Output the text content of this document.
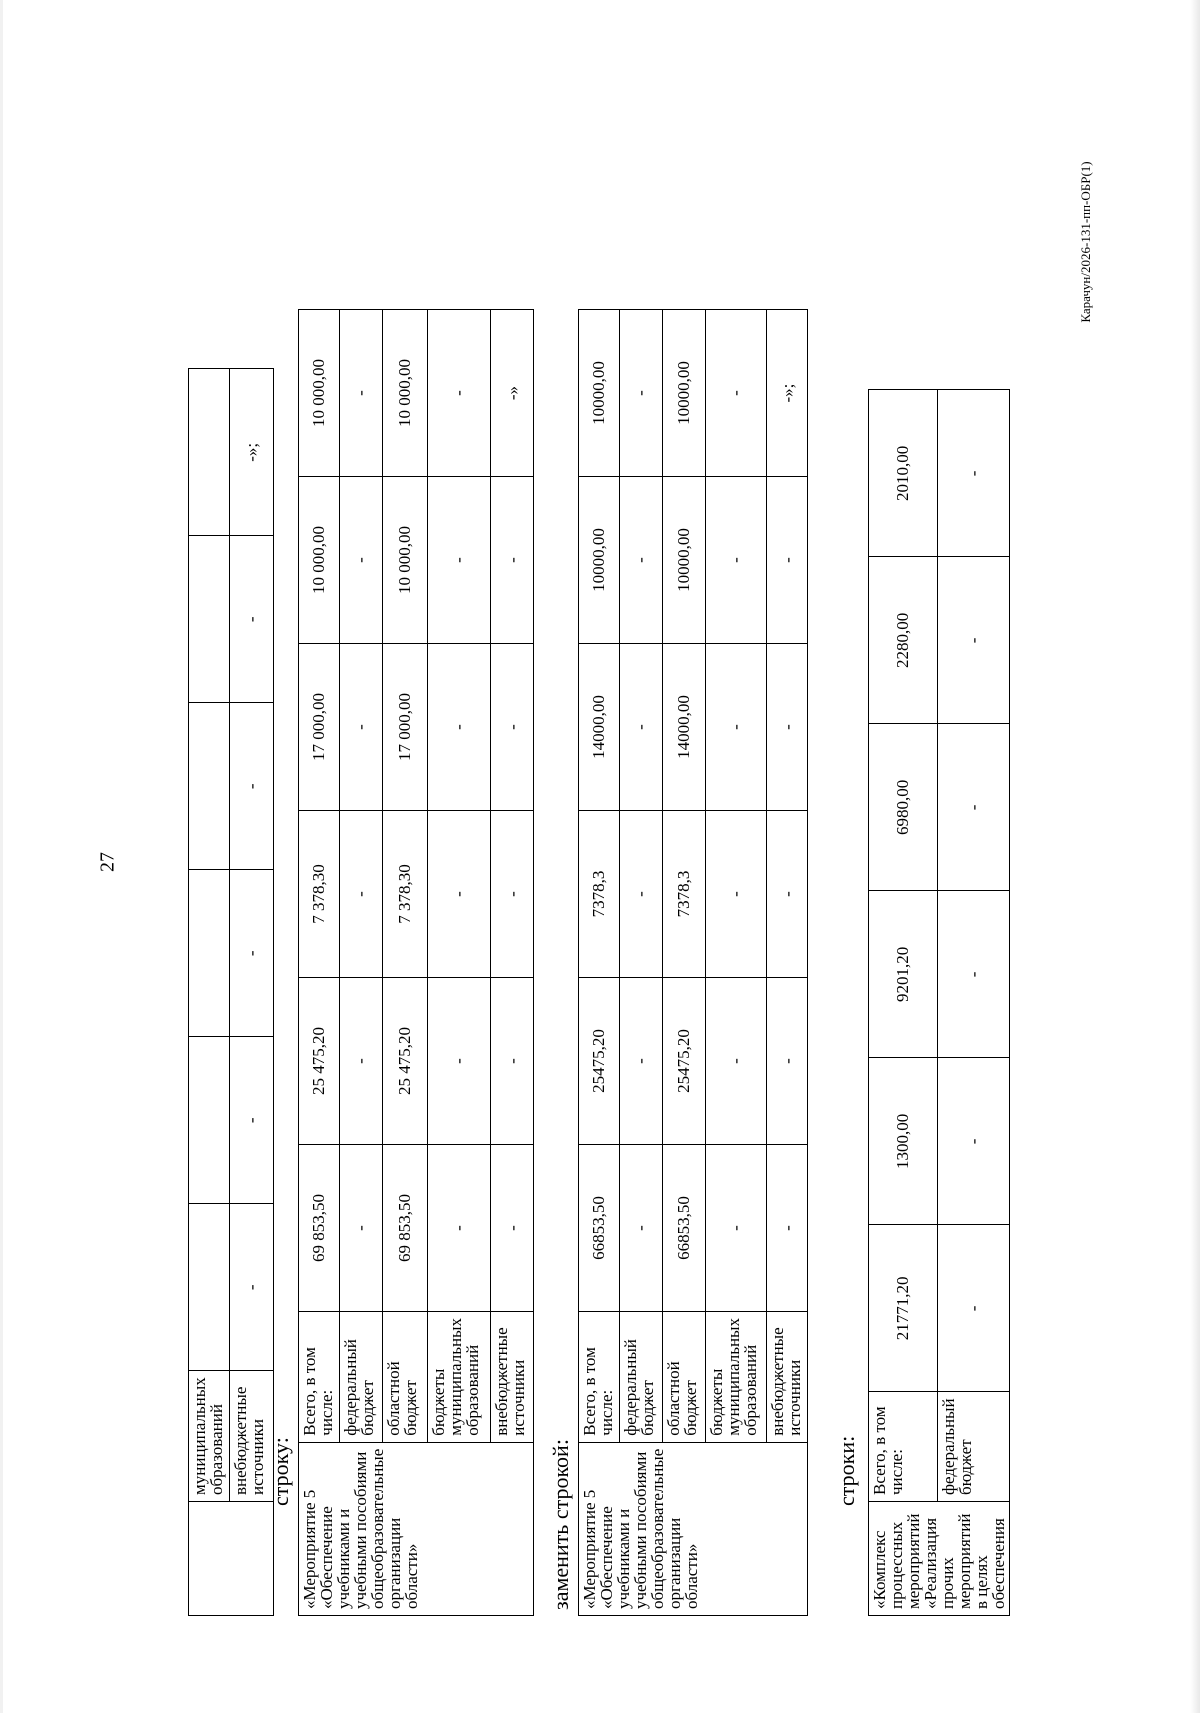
27
Карачун/2026-131-пп-ОБР(1)
	муниципальных образований						
	внебюджетные источники	-	-	-	-	-	-»;
строку:
«Мероприятие 5 «Обеспечение учебниками и учебными пособиями общеобразовательные организации области»	Всего, в том числе:	69 853,50	25 475,20	7 378,30	17 000,00	10 000,00	10 000,00
	федеральный бюджет	-	-	-	-	-	-
	областной бюджет	69 853,50	25 475,20	7 378,30	17 000,00	10 000,00	10 000,00
	бюджеты муниципальных образований	-	-	-	-	-	-
	внебюджетные источники	-	-	-	-	-	-»
заменить строкой: «Мероприятие 5 «Обеспечение учебниками и учебными пособиями общеобразовательные организации области»	Всего, в том числе:	66853,50	25475,20	7378,3	14000,00	10000,00	10000,00
	федеральный бюджет	-	-	-	-	-	-
	областной бюджет	66853,50	25475,20	7378,3	14000,00	10000,00	10000,00
	бюджеты муниципальных образований	-	-	-	-	-	-
	внебюджетные источники	-	-	-	-	-	-»;
строки:
«Комплекс процессных мероприятий «Реализация прочих мероприятий в целях обеспечения	Всего, в том числе:	21771,20	1300,00	9201,20	6980,00	2280,00	2010,00
	федеральный бюджет	-	-	-	-	-	-
